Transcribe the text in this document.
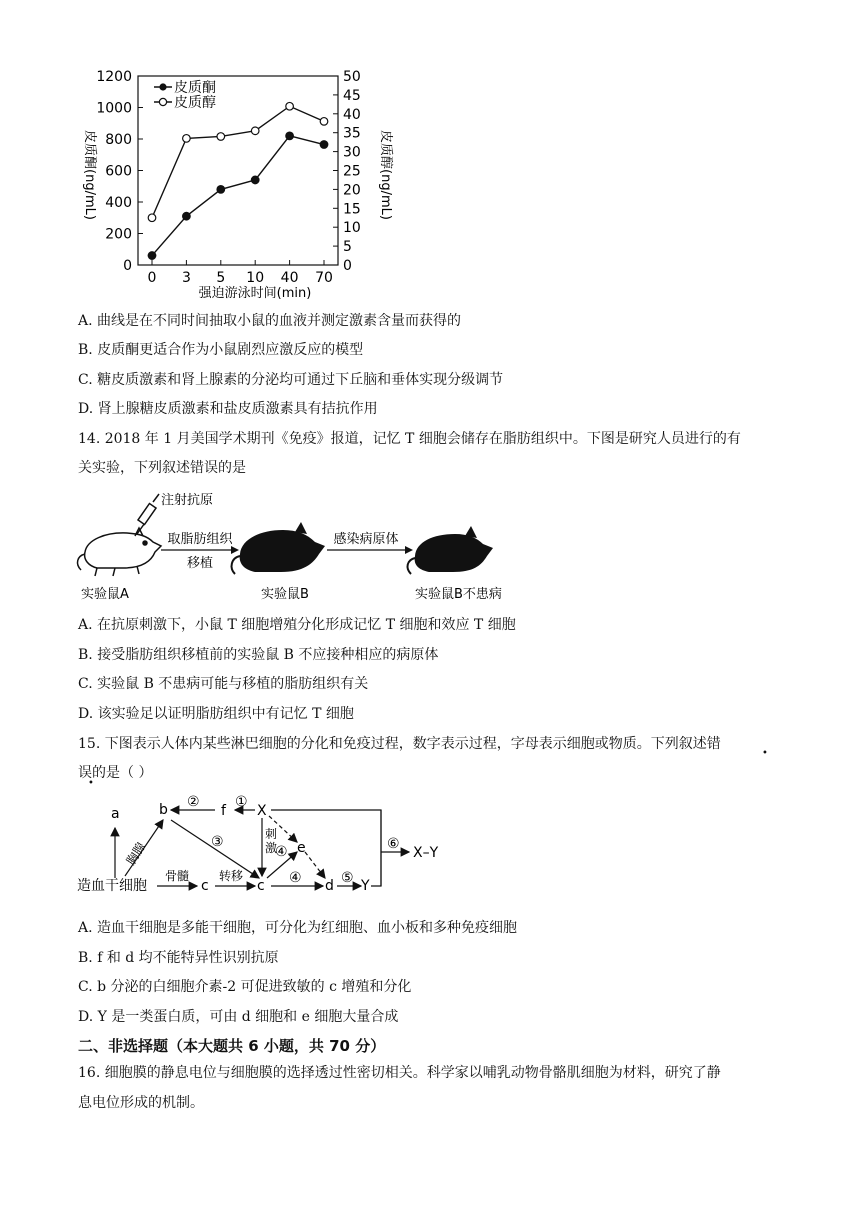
0
200
400
600
800
1000
1200
0
5
10
15
20
25
30
35
40
45
50
0 3 5 10 40 70
皮质酮
皮质醇
皮质酮(ng/mL)	皮质醇(ng/mL)
强迫游泳时间(min)
A. 曲线是在不同时间抽取小鼠的血液并测定激素含量而获得的
B. 皮质酮更适合作为小鼠剧烈应激反应的模型
C. 糖皮质激素和肾上腺素的分泌均可通过下丘脑和垂体实现分级调节
D. 肾上腺糖皮质激素和盐皮质激素具有拮抗作用
14. 2018 年 1 月美国学术期刊《免疫》报道，记忆 T 细胞会储存在脂肪组织中。下图是研究人员进行的有
关实验，下列叙述错误的是
注射抗原
取脂肪组织
移植
感染病原体
实验鼠A	实验鼠B	实验鼠B不患病
A. 在抗原刺激下，小鼠 T 细胞增殖分化形成记忆 T 细胞和效应 T 细胞
B. 接受脂肪组织移植前的实验鼠 B 不应接种相应的病原体
C. 实验鼠 B 不患病可能与移植的脂肪组织有关
D. 该实验足以证明脂肪组织中有记忆 T 细胞
15. 下图表示人体内某些淋巴细胞的分化和免疫过程，数字表示过程，字母表示细胞或物质。下列叙述错
•
误的是（ ）
•
a	b	f X
e
c	c	d Y
造血干细胞
骨髓 转移
胸腺
刺
激
①
②
③
④
④	⑤
⑥
X–Y
A. 造血干细胞是多能干细胞，可分化为红细胞、血小板和多种免疫细胞
B. f 和 d 均不能特异性识别抗原
C. b 分泌的白细胞介素-2 可促进致敏的 c 增殖和分化
D. Y 是一类蛋白质，可由 d 细胞和 e 细胞大量合成
二、非选择题（本大题共 6 小题，共 70 分）
16. 细胞膜的静息电位与细胞膜的选择透过性密切相关。科学家以哺乳动物骨骼肌细胞为材料，研究了静
息电位形成的机制。
